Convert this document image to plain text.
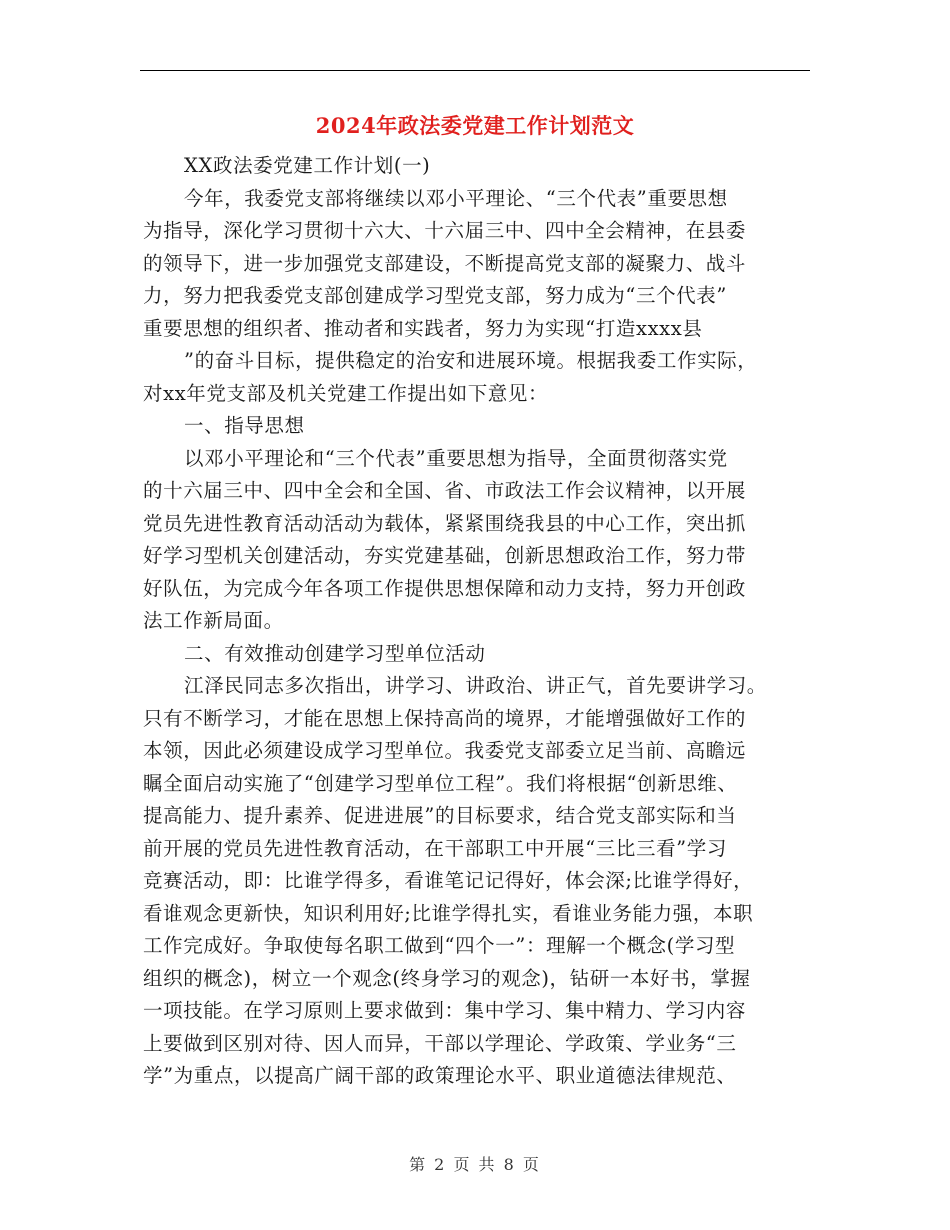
2024年政法委党建工作计划范文
XX政法委党建工作计划(一)
今年，我委党支部将继续以邓小平理论、“三个代表”重要思想
为指导，深化学习贯彻十六大、十六届三中、四中全会精神，在县委
的领导下，进一步加强党支部建设，不断提高党支部的凝聚力、战斗
力，努力把我委党支部创建成学习型党支部，努力成为“三个代表”
重要思想的组织者、推动者和实践者，努力为实现“打造xxxx县
”的奋斗目标，提供稳定的治安和进展环境。根据我委工作实际，
对xx年党支部及机关党建工作提出如下意见：
一、指导思想
以邓小平理论和“三个代表”重要思想为指导，全面贯彻落实党
的十六届三中、四中全会和全国、省、市政法工作会议精神，以开展
党员先进性教育活动活动为载体，紧紧围绕我县的中心工作，突出抓
好学习型机关创建活动，夯实党建基础，创新思想政治工作，努力带
好队伍，为完成今年各项工作提供思想保障和动力支持，努力开创政
法工作新局面。
二、有效推动创建学习型单位活动
江泽民同志多次指出，讲学习、讲政治、讲正气，首先要讲学习。
只有不断学习，才能在思想上保持高尚的境界，才能增强做好工作的
本领，因此必须建设成学习型单位。我委党支部委立足当前、高瞻远
瞩全面启动实施了“创建学习型单位工程”。我们将根据“创新思维、
提高能力、提升素养、促进进展”的目标要求，结合党支部实际和当
前开展的党员先进性教育活动，在干部职工中开展“三比三看”学习
竞赛活动，即：比谁学得多，看谁笔记记得好，体会深;比谁学得好，
看谁观念更新快，知识利用好;比谁学得扎实，看谁业务能力强，本职
工作完成好。争取使每名职工做到“四个一”：理解一个概念(学习型
组织的概念)，树立一个观念(终身学习的观念)，钻研一本好书，掌握
一项技能。在学习原则上要求做到：集中学习、集中精力、学习内容
上要做到区别对待、因人而异，干部以学理论、学政策、学业务“三
学”为重点，以提高广阔干部的政策理论水平、职业道德法律规范、
第 2 页 共 8 页
